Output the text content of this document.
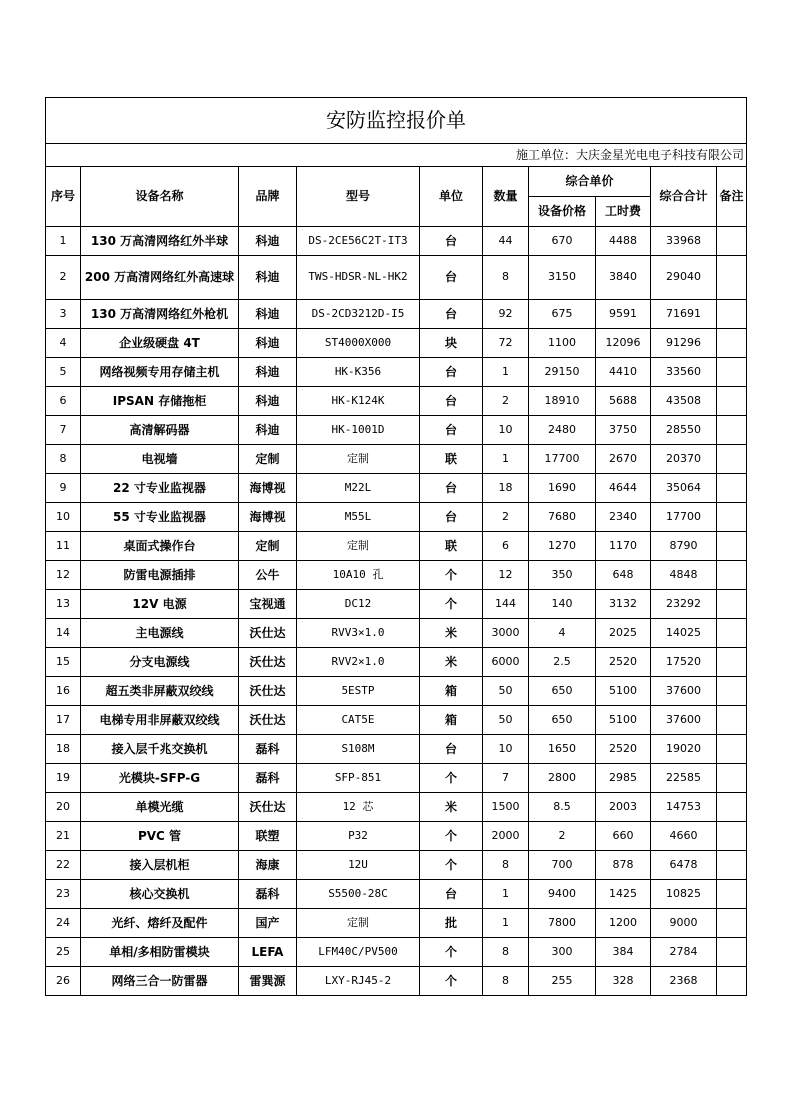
安防监控报价单									
施工单位：大庆金星光电电子科技有限公司									
序号	设备名称	品牌	型号	单位	数量	综合单价		综合合计	备注
						设备价格	工时费		
1	130 万高清网络红外半球	科迪	DS-2CE56C2T-IT3	台	44	670	4488	33968	
2	200 万高清网络红外高速球	科迪	TWS-HDSR-NL-HK2	台	8	3150	3840	29040	
3	130 万高清网络红外枪机	科迪	DS-2CD3212D-I5	台	92	675	9591	71691	
4	企业级硬盘 4T	科迪	ST4000X000	块	72	1100	12096	91296	
5	网络视频专用存储主机	科迪	HK-K356	台	1	29150	4410	33560	
6	IPSAN 存储拖柜	科迪	HK-K124K	台	2	18910	5688	43508	
7	高清解码器	科迪	HK-1001D	台	10	2480	3750	28550	
8	电视墙	定制	定制	联	1	17700	2670	20370	
9	22 寸专业监视器	海博视	M22L	台	18	1690	4644	35064	
10	55 寸专业监视器	海博视	M55L	台	2	7680	2340	17700	
11	桌面式操作台	定制	定制	联	6	1270	1170	8790	
12	防雷电源插排	公牛	10A10 孔	个	12	350	648	4848	
13	12V 电源	宝视通	DC12	个	144	140	3132	23292	
14	主电源线	沃仕达	RVV3×1.0	米	3000	4	2025	14025	
15	分支电源线	沃仕达	RVV2×1.0	米	6000	2.5	2520	17520	
16	超五类非屏蔽双绞线	沃仕达	5ESTP	箱	50	650	5100	37600	
17	电梯专用非屏蔽双绞线	沃仕达	CAT5E	箱	50	650	5100	37600	
18	接入层千兆交换机	磊科	S108M	台	10	1650	2520	19020	
19	光模块-SFP-G	磊科	SFP-851	个	7	2800	2985	22585	
20	单模光缆	沃仕达	12 芯	米	1500	8.5	2003	14753	
21	PVC 管	联塑	P32	个	2000	2	660	4660	
22	接入层机柜	海康	12U	个	8	700	878	6478	
23	核心交换机	磊科	S5500-28C	台	1	9400	1425	10825	
24	光纤、熔纤及配件	国产	定制	批	1	7800	1200	9000	
25	单相/多相防雷模块	LEFA	LFM40C/PV500	个	8	300	384	2784	
26	网络三合一防雷器	雷巽源	LXY-RJ45-2	个	8	255	328	2368	
